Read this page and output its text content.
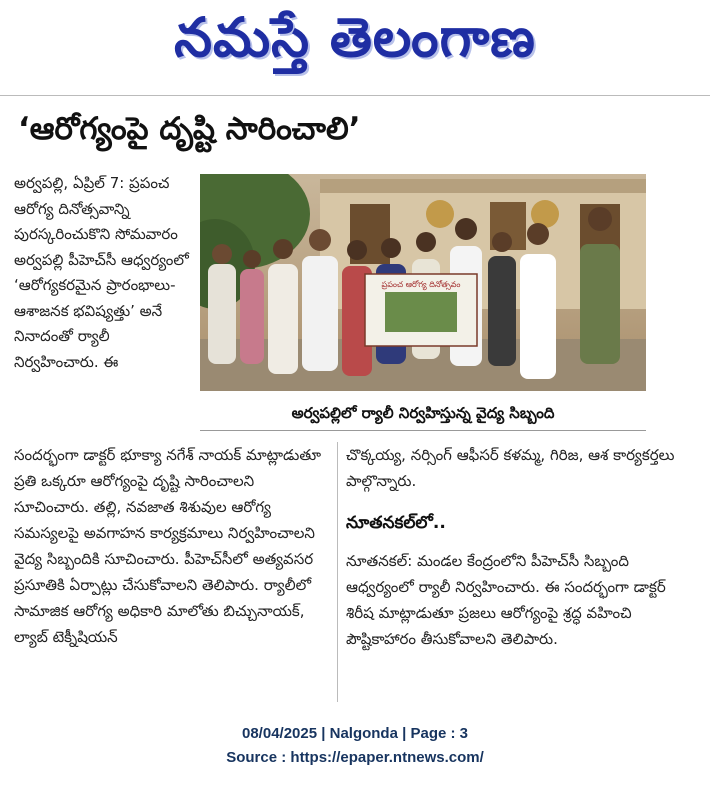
నమస్తే తెలంగాణ
‘ఆరోగ్యంపై దృష్టి సారించాలి’

అర్వపల్లి, ఏప్రిల్ 7: ప్రపంచ ఆరోగ్య దినోత్సవాన్ని పురస్కరించుకొని సోమవారం అర్వపల్లి పీహెచ్‌సీ ఆధ్వర్యంలో ‘ఆరోగ్యకరమైన ప్రారంభాలు- ఆశాజనక భవిష్యత్తు’ అనే నినాదంతో ర్యాలీ నిర్వహించారు. ఈ

ప్రపంచ ఆరోగ్య దినోత్సవం
అర్వపల్లిలో ర్యాలీ నిర్వహిస్తున్న వైద్య సిబ్బంది

సందర్భంగా డాక్టర్ భూక్యా నగేశ్ నాయక్ మాట్లాడుతూ ప్రతి ఒక్కరూ ఆరోగ్యంపై దృష్టి సారించాలని సూచించారు. తల్లి, నవజాత శిశువుల ఆరోగ్య సమస్యలపై అవగాహన కార్యక్రమాలు నిర్వహించాలని వైద్య సిబ్బందికి సూచించారు. పీహెచ్‌సీలో అత్యవసర ప్రసూతికి ఏర్పాట్లు చేసుకోవాలని తెలిపారు. ర్యాలీలో సామాజిక ఆరోగ్య అధికారి మాలోతు బిచ్చునాయక్, ల్యాబ్ టెక్నీషియన్

చొక్కయ్య, నర్సింగ్ ఆఫీసర్ కళమ్మ, గిరిజ, ఆశ కార్యకర్తలు పాల్గొన్నారు.

నూతనకల్‌లో..

నూతనకల్: మండల కేంద్రంలోని పీహెచ్‌సీ సిబ్బంది ఆధ్వర్యంలో ర్యాలీ నిర్వహించారు. ఈ సందర్భంగా డాక్టర్ శిరీష మాట్లాడుతూ ప్రజలు ఆరోగ్యంపై శ్రద్ధ వహించి పౌష్టికాహారం తీసుకోవాలని తెలిపారు.

08/04/2025 | Nalgonda | Page : 3
Source : https://epaper.ntnews.com/
